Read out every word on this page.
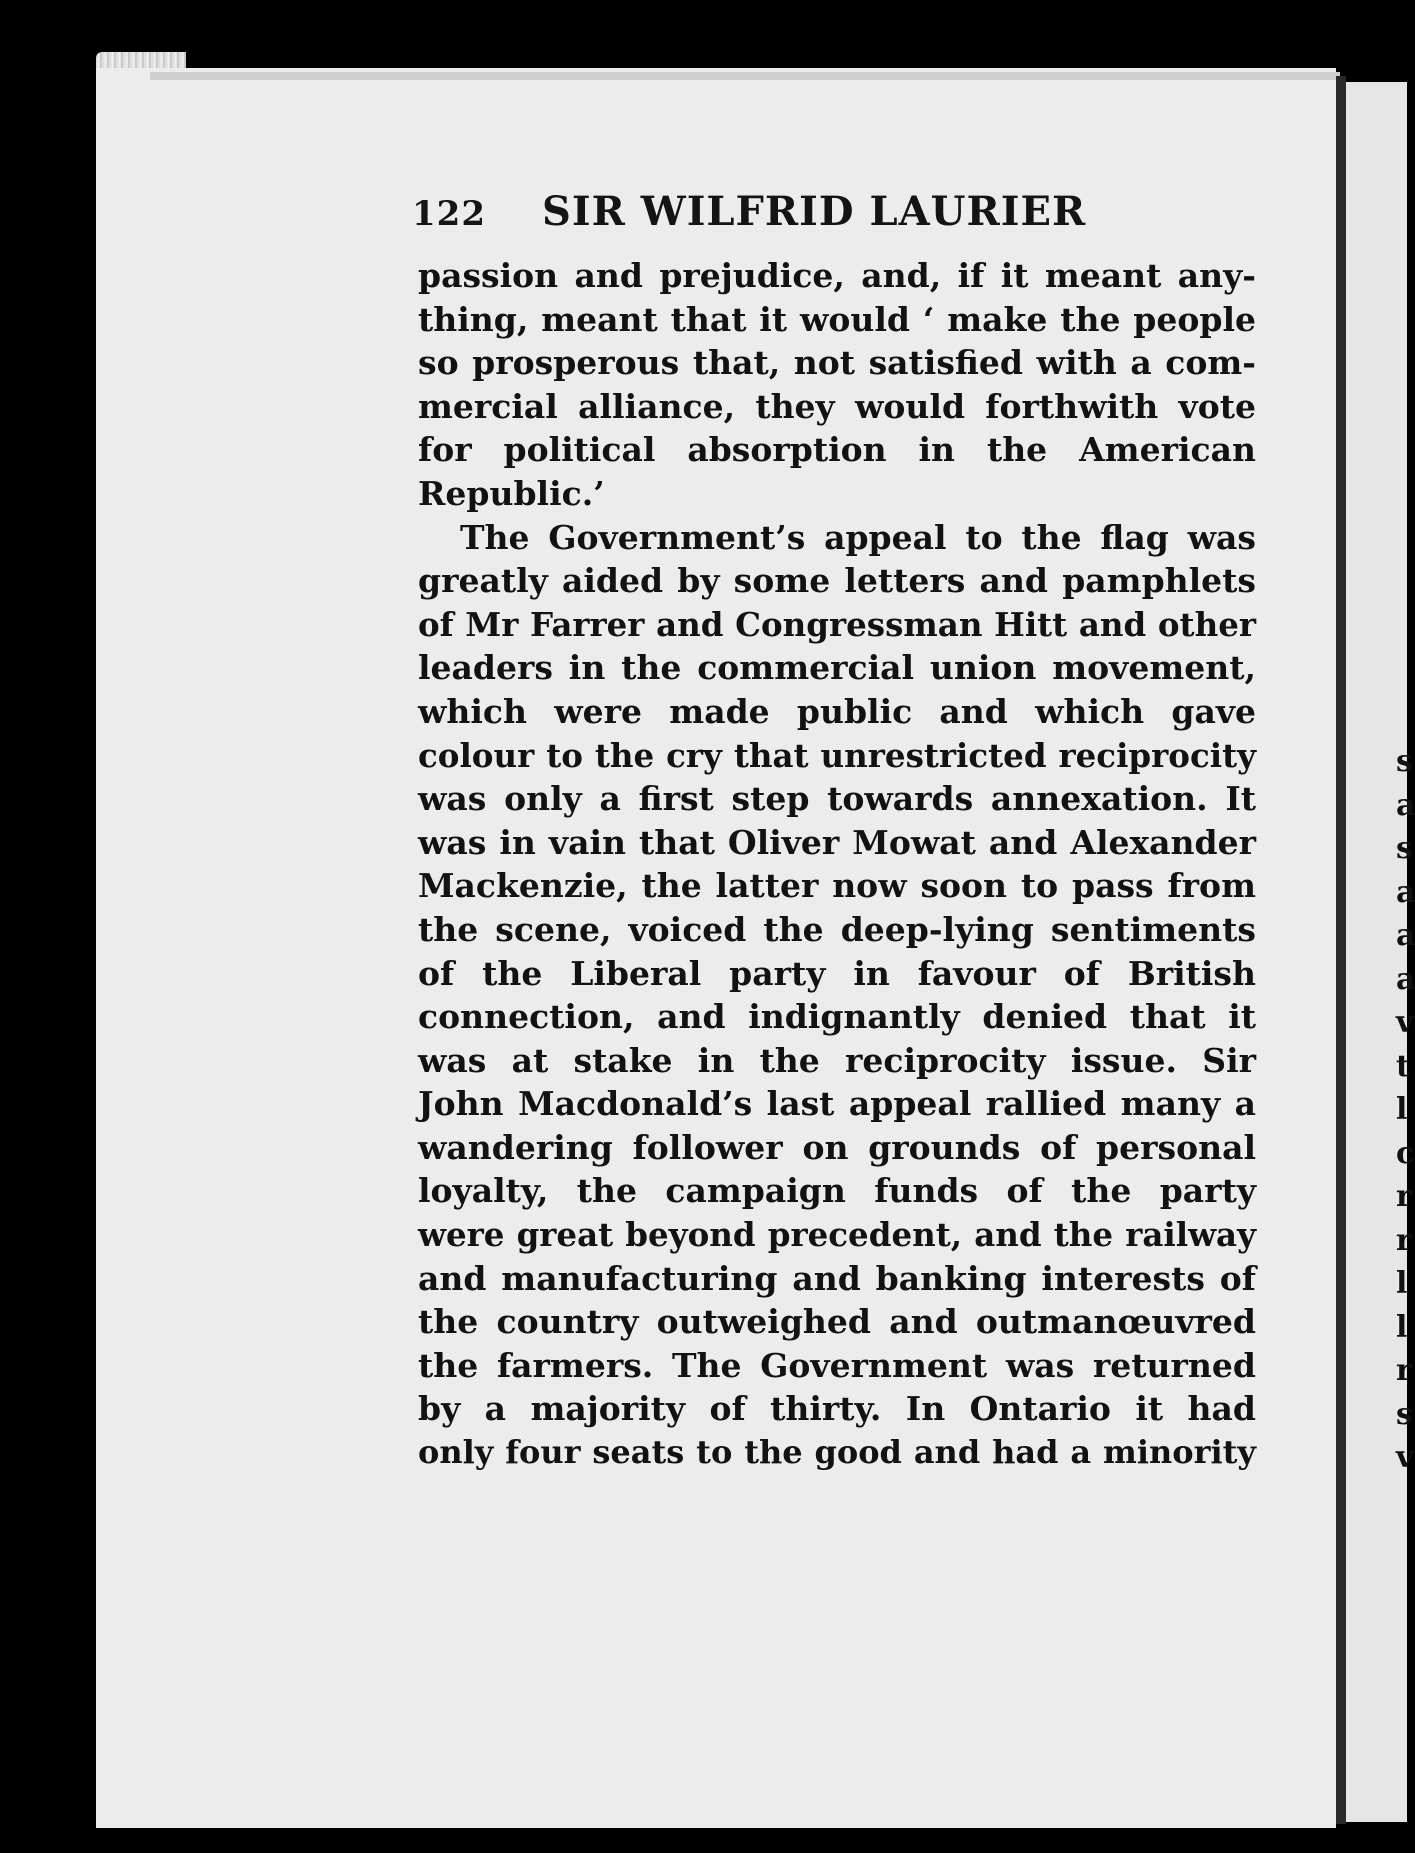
s
a
s
a
a
a
v
t
l
c
r
r
l
l
r
s
v
122	SIR WILFRID LAURIER
passion and prejudice, and, if it meant any-
thing, meant that it would ‘ make the people
so prosperous that, not satisfied with a com-
mercial alliance, they would forthwith vote
for political absorption in the American
Republic.’
The Government’s appeal to the flag was
greatly aided by some letters and pamphlets
of Mr Farrer and Congressman Hitt and other
leaders in the commercial union movement,
which were made public and which gave
colour to the cry that unrestricted reciprocity
was only a first step towards annexation. It
was in vain that Oliver Mowat and Alexander
Mackenzie, the latter now soon to pass from
the scene, voiced the deep-lying sentiments
of the Liberal party in favour of British
connection, and indignantly denied that it
was at stake in the reciprocity issue. Sir
John Macdonald’s last appeal rallied many a
wandering follower on grounds of personal
loyalty, the campaign funds of the party
were great beyond precedent, and the railway
and manufacturing and banking interests of
the country outweighed and outmanœuvred
the farmers. The Government was returned
by a majority of thirty. In Ontario it had
only four seats to the good and had a minority
